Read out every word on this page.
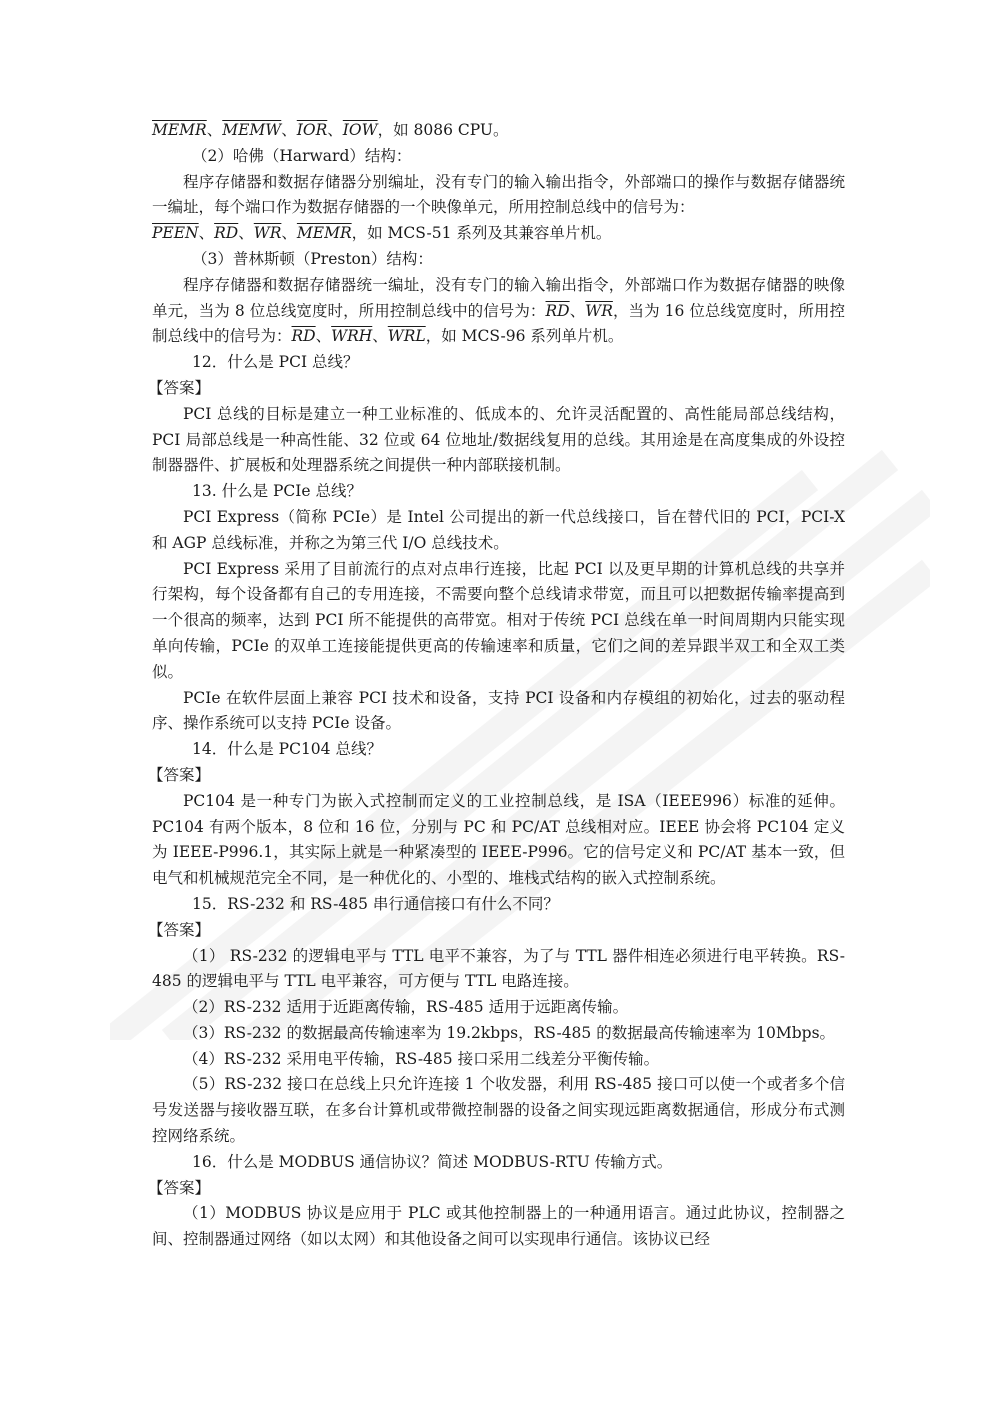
MEMR、MEMW、$\overline{IOR}$、$\overline{IOW}$，如 8086 CPU。

（2）哈佛（Harward）结构：

程序存储器和数据存储器分别编址，没有专门的输入输出指令，外部端口的操作与数据存储器统一编址，每个端口作为数据存储器的一个映像单元，所用控制总线中的信号为：
PEEN、$\overline{RD}$、$\overline{WR}$、MEMR，如 MCS-51 系列及其兼容单片机。

（3）普林斯顿（Preston）结构：

程序存储器和数据存储器统一编址，没有专门的输入输出指令，外部端口作为数据存储器的映像单元，当为 8 位总线宽度时，所用控制总线中的信号为：$\overline{RD}$、$\overline{WR}$，当为 16 位总线宽度时，所用控制总线中的信号为：$\overline{RD}$、$\overline{WRH}$、$\overline{WRL}$，如 MCS-96 系列单片机。

12．什么是 PCI 总线？

【答案】

PCI 总线的目标是建立一种工业标准的、低成本的、允许灵活配置的、高性能局部总线结构，PCI 局部总线是一种高性能、32 位或 64 位地址/数据线复用的总线。其用途是在高度集成的外设控制器器件、扩展板和处理器系统之间提供一种内部联接机制。

13. 什么是 PCIe 总线？

PCI Express（简称 PCIe）是 Intel 公司提出的新一代总线接口，旨在替代旧的 PCI，PCI-X 和 AGP 总线标准，并称之为第三代 I/O 总线技术。

PCI Express 采用了目前流行的点对点串行连接，比起 PCI 以及更早期的计算机总线的共享并行架构，每个设备都有自己的专用连接，不需要向整个总线请求带宽，而且可以把数据传输率提高到一个很高的频率，达到 PCI 所不能提供的高带宽。相对于传统 PCI 总线在单一时间周期内只能实现单向传输，PCIe 的双单工连接能提供更高的传输速率和质量，它们之间的差异跟半双工和全双工类似。

PCIe 在软件层面上兼容 PCI 技术和设备，支持 PCI 设备和内存模组的初始化，过去的驱动程序、操作系统可以支持 PCIe 设备。

14．什么是 PC104 总线？

【答案】

PC104 是一种专门为嵌入式控制而定义的工业控制总线，是 ISA（IEEE996）标准的延伸。PC104 有两个版本，8 位和 16 位，分别与 PC 和 PC/AT 总线相对应。IEEE 协会将 PC104 定义为 IEEE-P996.1，其实际上就是一种紧凑型的 IEEE-P996。它的信号定义和 PC/AT 基本一致，但电气和机械规范完全不同，是一种优化的、小型的、堆栈式结构的嵌入式控制系统。

15．RS-232 和 RS-485 串行通信接口有什么不同？

【答案】

（1） RS-232 的逻辑电平与 TTL 电平不兼容，为了与 TTL 器件相连必须进行电平转换。RS-485 的逻辑电平与 TTL 电平兼容，可方便与 TTL 电路连接。

（2）RS-232 适用于近距离传输，RS-485 适用于远距离传输。

（3）RS-232 的数据最高传输速率为 19.2kbps，RS-485 的数据最高传输速率为 10Mbps。

（4）RS-232 采用电平传输，RS-485 接口采用二线差分平衡传输。

（5）RS-232 接口在总线上只允许连接 1 个收发器，利用 RS-485 接口可以使一个或者多个信号发送器与接收器互联，在多台计算机或带微控制器的设备之间实现远距离数据通信，形成分布式测控网络系统。

16．什么是 MODBUS 通信协议？简述 MODBUS-RTU 传输方式。

【答案】

（1）MODBUS 协议是应用于 PLC 或其他控制器上的一种通用语言。通过此协议，控制器之间、控制器通过网络（如以太网）和其他设备之间可以实现串行通信。该协议已经
